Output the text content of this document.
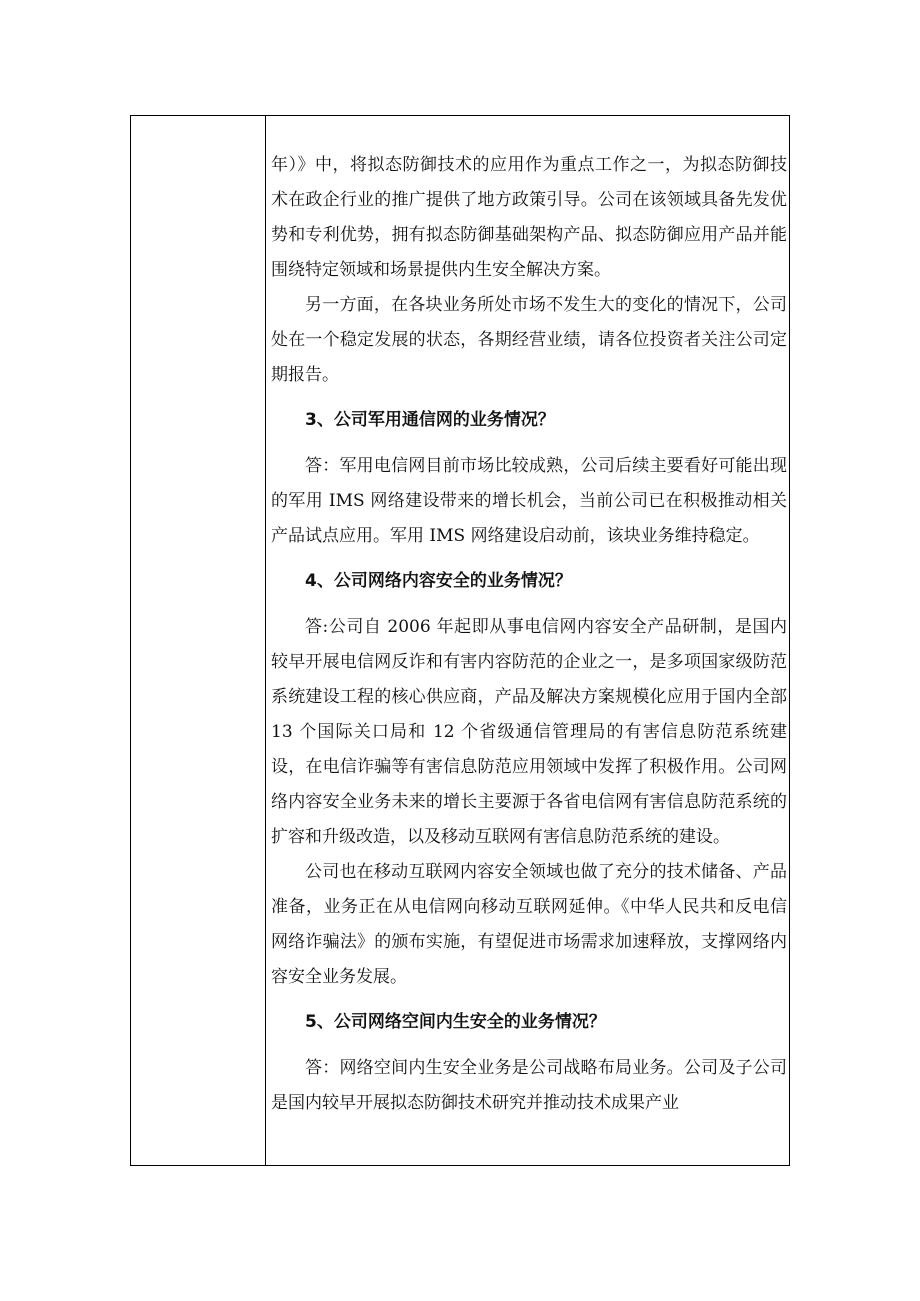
年）》中，将拟态防御技术的应用作为重点工作之一，为拟态防御技术在政企行业的推广提供了地方政策引导。公司在该领域具备先发优势和专利优势，拥有拟态防御基础架构产品、拟态防御应用产品并能围绕特定领域和场景提供内生安全解决方案。

另一方面，在各块业务所处市场不发生大的变化的情况下，公司处在一个稳定发展的状态，各期经营业绩，请各位投资者关注公司定期报告。

3、公司军用通信网的业务情况？

答：军用电信网目前市场比较成熟，公司后续主要看好可能出现的军用 IMS 网络建设带来的增长机会，当前公司已在积极推动相关产品试点应用。军用 IMS 网络建设启动前，该块业务维持稳定。

4、公司网络内容安全的业务情况？

答:公司自 2006 年起即从事电信网内容安全产品研制，是国内较早开展电信网反诈和有害内容防范的企业之一，是多项国家级防范系统建设工程的核心供应商，产品及解决方案规模化应用于国内全部 13 个国际关口局和 12 个省级通信管理局的有害信息防范系统建设，在电信诈骗等有害信息防范应用领域中发挥了积极作用。公司网络内容安全业务未来的增长主要源于各省电信网有害信息防范系统的扩容和升级改造，以及移动互联网有害信息防范系统的建设。

公司也在移动互联网内容安全领域也做了充分的技术储备、产品准备，业务正在从电信网向移动互联网延伸。《中华人民共和反电信网络诈骗法》的颁布实施，有望促进市场需求加速释放，支撑网络内容安全业务发展。

5、公司网络空间内生安全的业务情况？

答：网络空间内生安全业务是公司战略布局业务。公司及子公司是国内较早开展拟态防御技术研究并推动技术成果产业
